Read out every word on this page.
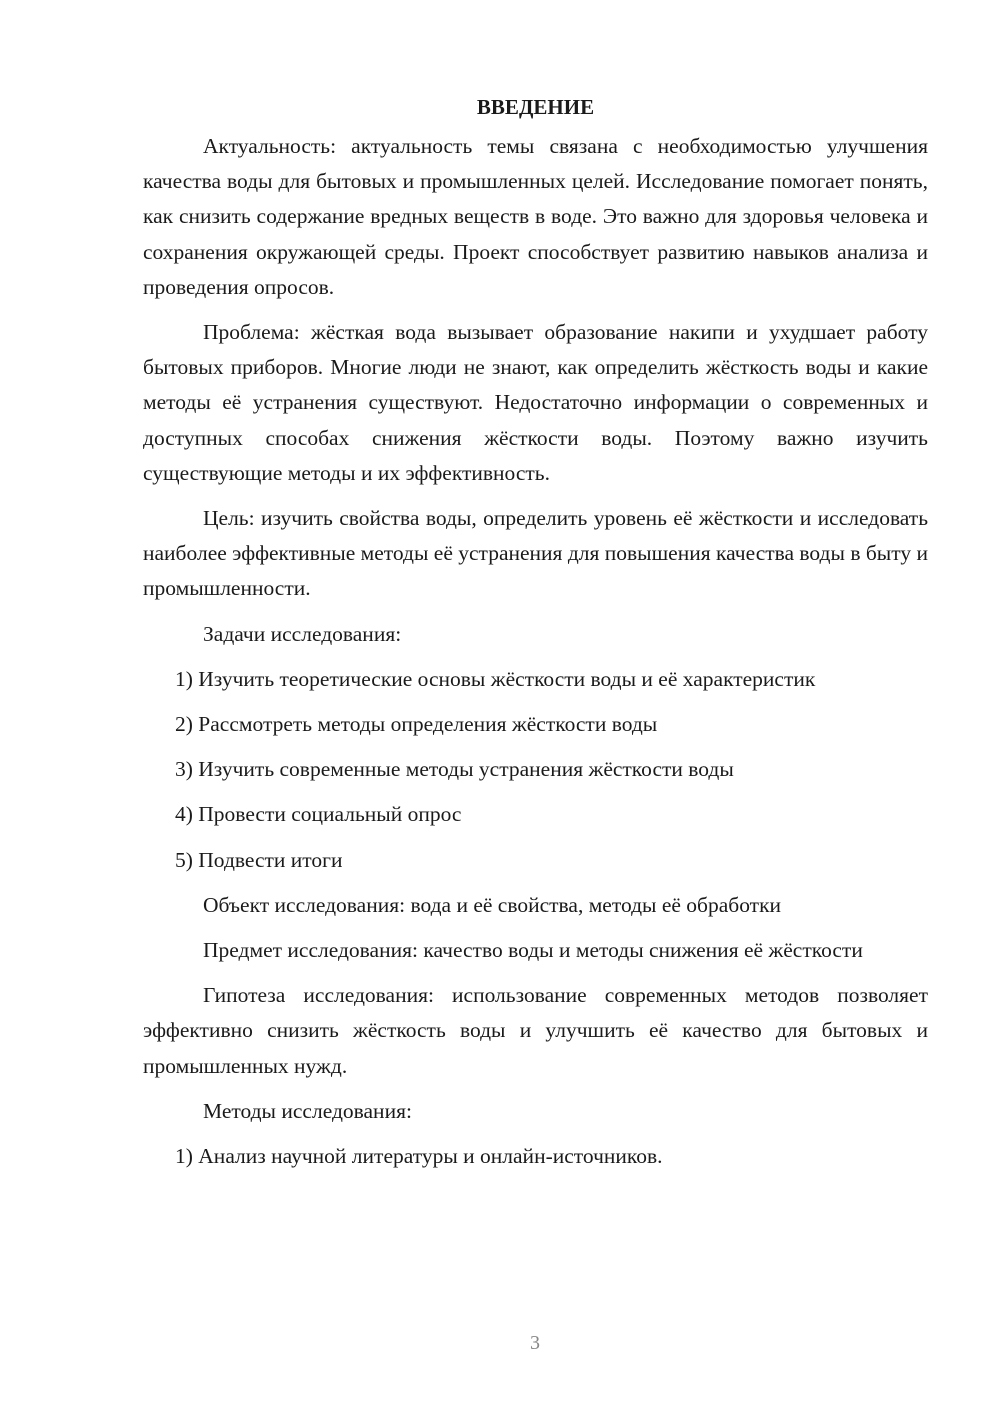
ВВЕДЕНИЕ

Актуальность: актуальность темы связана с необходимостью улучшения качества воды для бытовых и промышленных целей. Исследование помогает понять, как снизить содержание вредных веществ в воде. Это важно для здоровья человека и сохранения окружающей среды. Проект способствует развитию навыков анализа и проведения опросов.

Проблема: жёсткая вода вызывает образование накипи и ухудшает работу бытовых приборов. Многие люди не знают, как определить жёсткость воды и какие методы её устранения существуют. Недостаточно информации о современных и доступных способах снижения жёсткости воды. Поэтому важно изучить существующие методы и их эффективность.

Цель: изучить свойства воды, определить уровень её жёсткости и исследовать наиболее эффективные методы её устранения для повышения качества воды в быту и промышленности.

Задачи исследования:

1) Изучить теоретические основы жёсткости воды и её характеристик

2) Рассмотреть методы определения жёсткости воды

3) Изучить современные методы устранения жёсткости воды

4) Провести социальный опрос

5) Подвести итоги

Объект исследования: вода и её свойства, методы её обработки

Предмет исследования: качество воды и методы снижения её жёсткости

Гипотеза исследования: использование современных методов позволяет эффективно снизить жёсткость воды и улучшить её качество для бытовых и промышленных нужд.

Методы исследования:

1) Анализ научной литературы и онлайн-источников.

3
